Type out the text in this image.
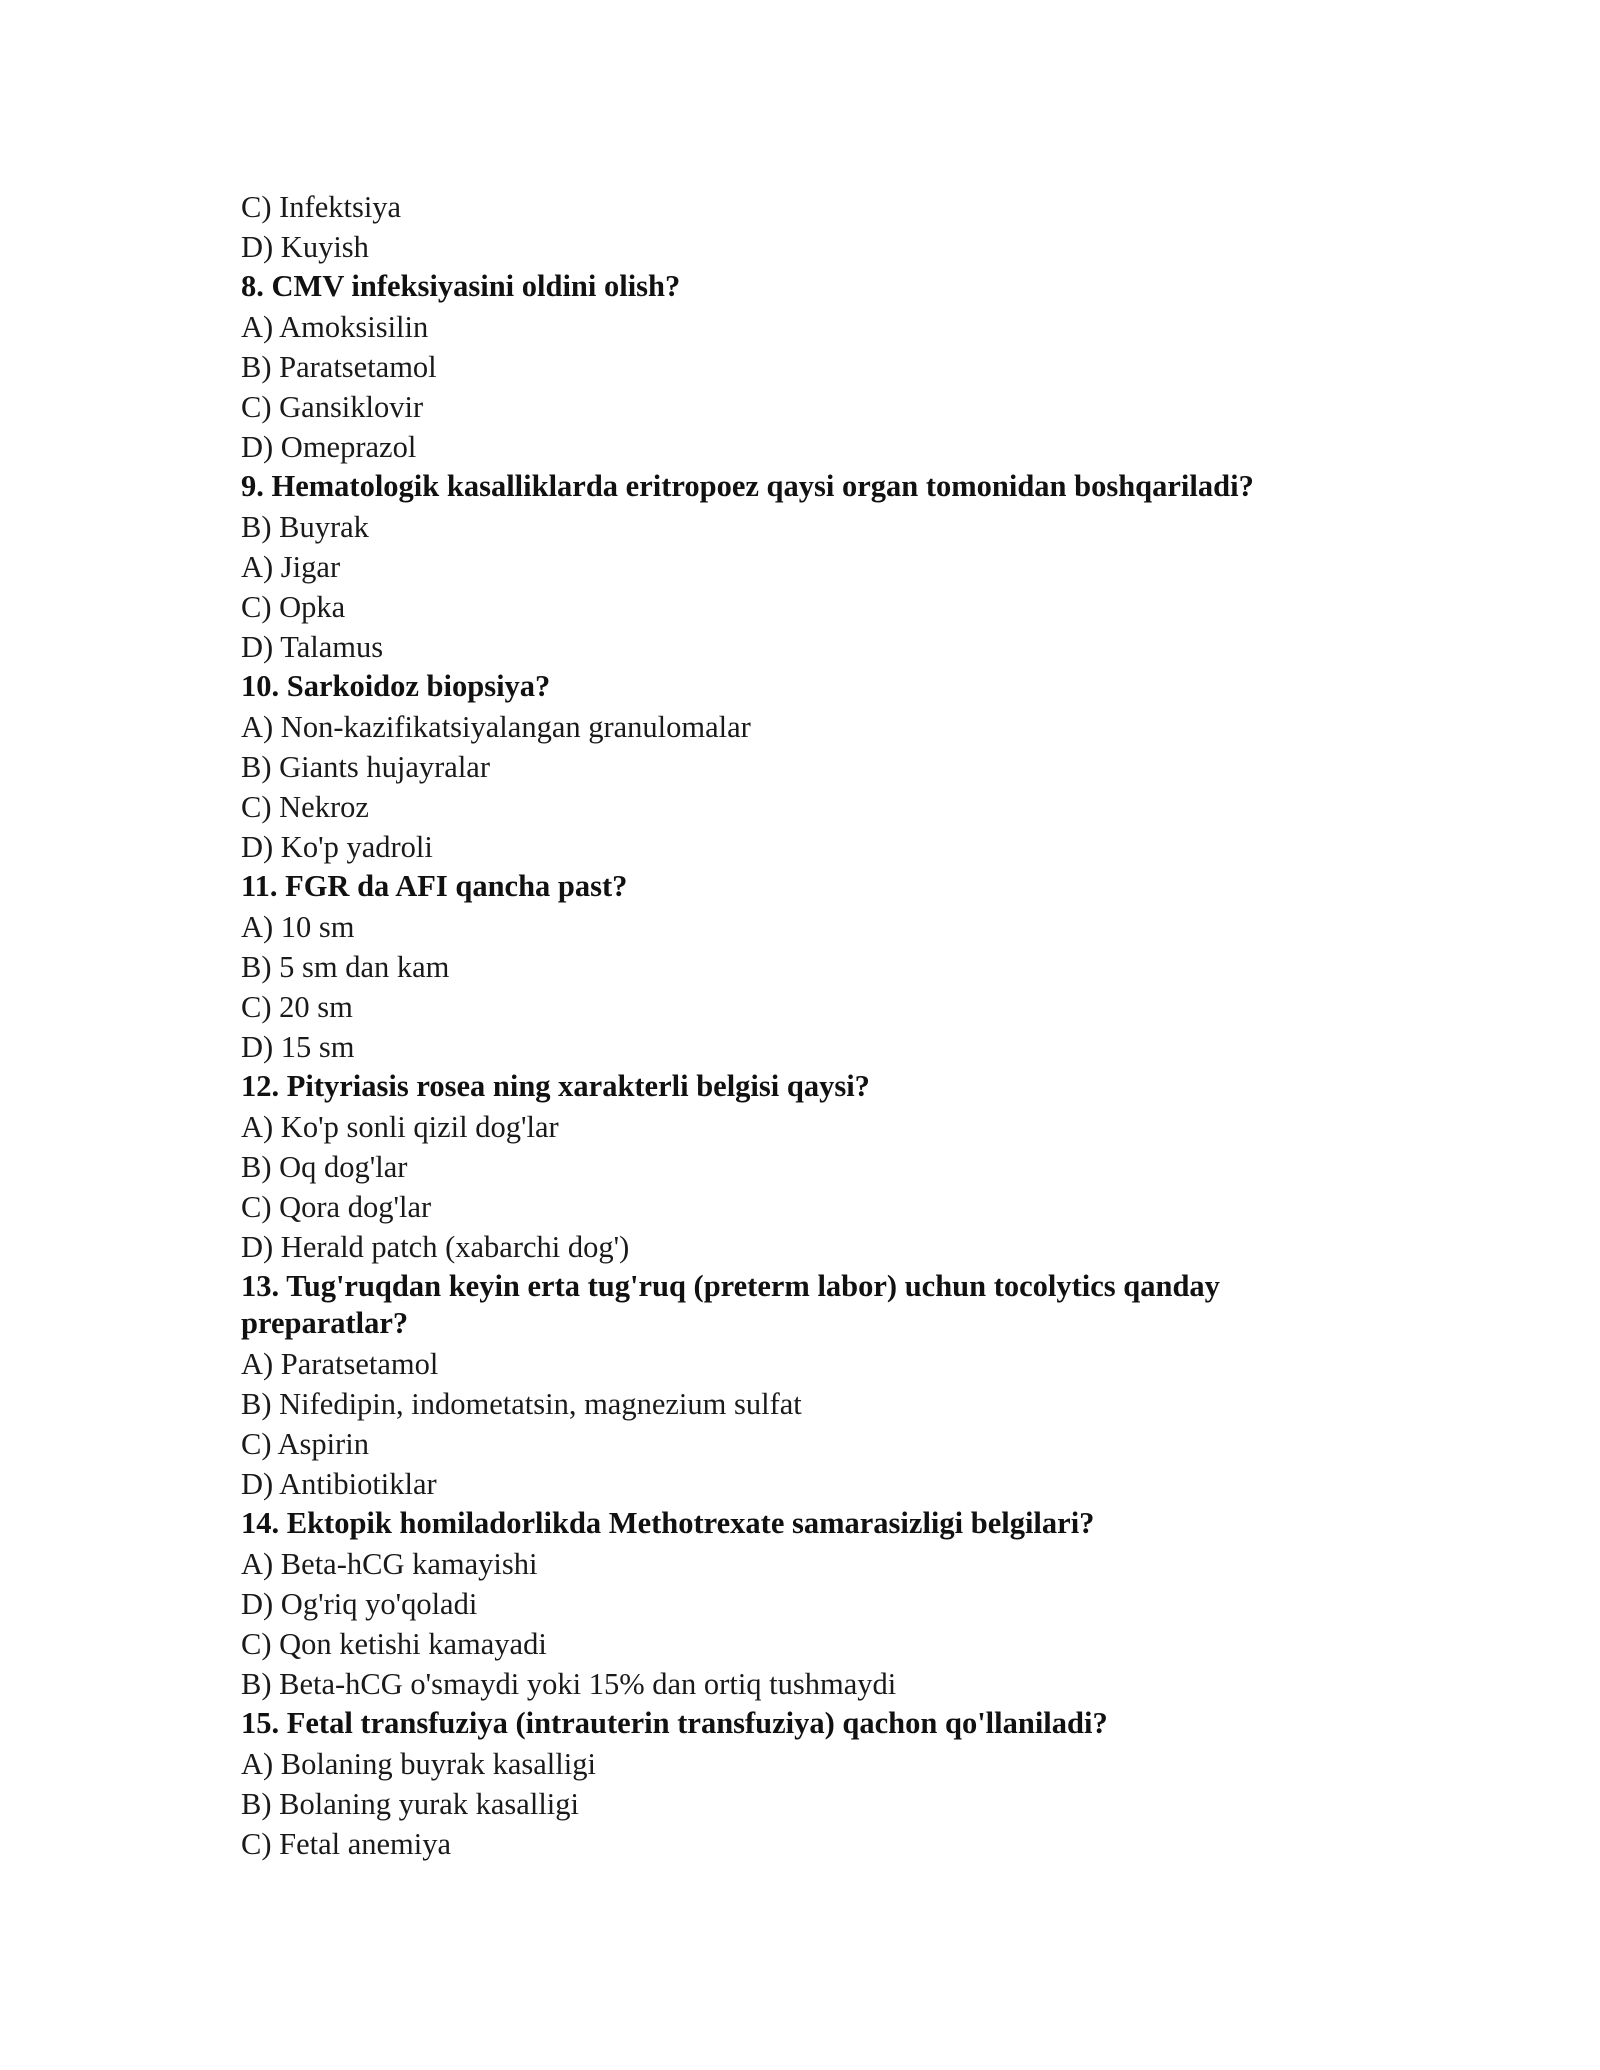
C) Infektsiya
D) Kuyish
8. CMV infeksiyasini oldini olish?
A) Amoksisilin
B) Paratsetamol
C) Gansiklovir
D) Omeprazol
9. Hematologik kasalliklarda eritropoez qaysi organ tomonidan boshqariladi?
B) Buyrak
A) Jigar
C) Opka
D) Talamus
10. Sarkoidoz biopsiya?
A) Non-kazifikatsiyalangan granulomalar
B) Giants hujayralar
C) Nekroz
D) Ko'p yadroli
11. FGR da AFI qancha past?
A) 10 sm
B) 5 sm dan kam
C) 20 sm
D) 15 sm
12. Pityriasis rosea ning xarakterli belgisi qaysi?
A) Ko'p sonli qizil dog'lar
B) Oq dog'lar
C) Qora dog'lar
D) Herald patch (xabarchi dog')
13. Tug'ruqdan keyin erta tug'ruq (preterm labor) uchun tocolytics qanday preparatlar?
A) Paratsetamol
B) Nifedipin, indometatsin, magnezium sulfat
C) Aspirin
D) Antibiotiklar
14. Ektopik homiladorlikda Methotrexate samarasizligi belgilari?
A) Beta-hCG kamayishi
D) Og'riq yo'qoladi
C) Qon ketishi kamayadi
B) Beta-hCG o'smaydi yoki 15% dan ortiq tushmaydi
15. Fetal transfuziya (intrauterin transfuziya) qachon qo'llaniladi?
A) Bolaning buyrak kasalligi
B) Bolaning yurak kasalligi
C) Fetal anemiya
